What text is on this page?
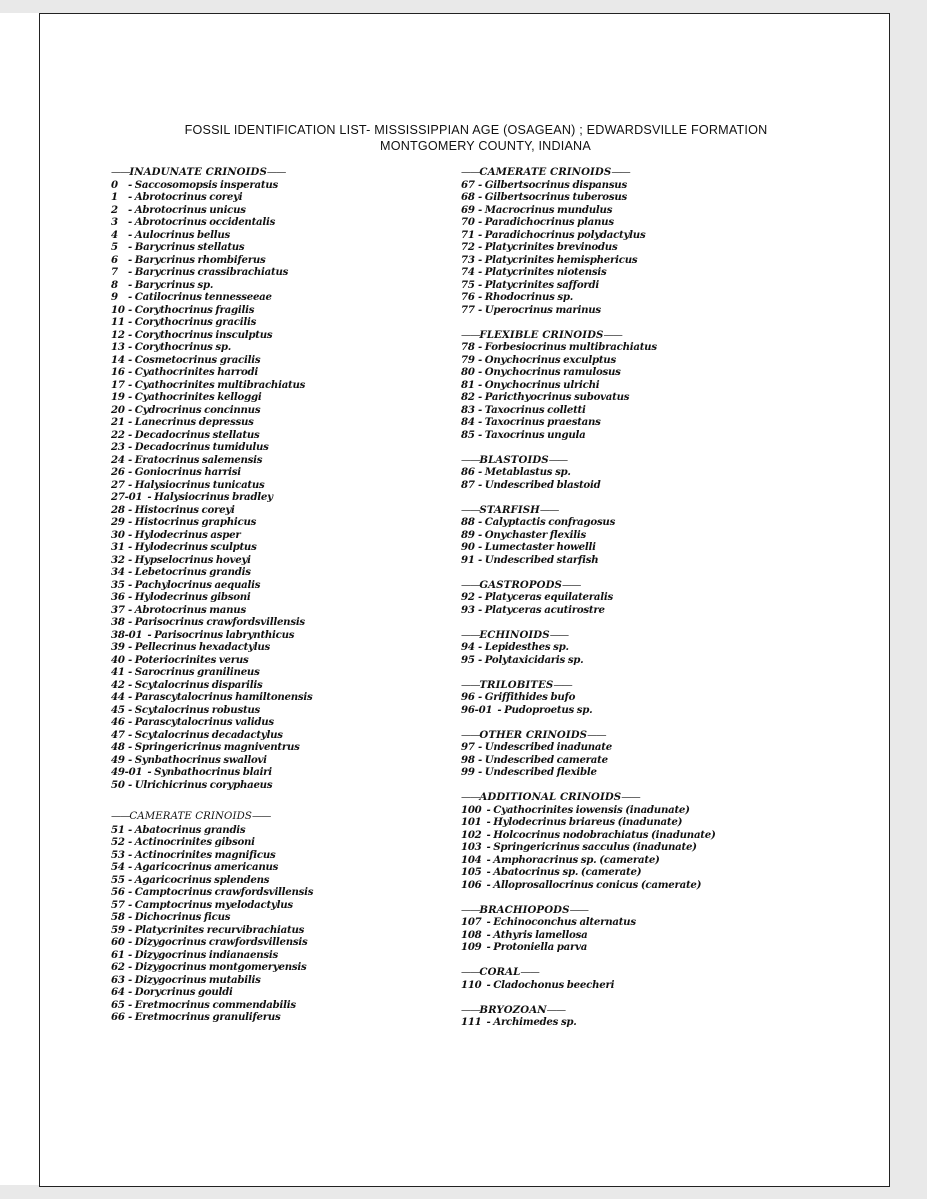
FOSSIL IDENTIFICATION LIST- MISSISSIPPIAN AGE (OSAGEAN) ; EDWARDSVILLE FORMATION
MONTGOMERY COUNTY, INDIANA
——INADUNATE CRINOIDS——
0 - Saccosomopsis insperatus
1 - Abrotocrinus coreyi
2 - Abrotocrinus unicus
3 - Abrotocrinus occidentalis
4 - Aulocrinus bellus
5 - Barycrinus stellatus
6 - Barycrinus rhombiferus
7 - Barycrinus crassibrachiatus
8 - Barycrinus sp.
9 - Catilocrinus tennesseeae
10 - Corythocrinus fragilis
11 - Corythocrinus gracilis
12 - Corythocrinus insculptus
13 - Corythocrinus sp.
14 - Cosmetocrinus gracilis
16 - Cyathocrinites harrodi
17 - Cyathocrinites multibrachiatus
19 - Cyathocrinites kelloggi
20 - Cydrocrinus concinnus
21 - Lanecrinus depressus
22 - Decadocrinus stellatus
23 - Decadocrinus tumidulus
24 - Eratocrinus salemensis
26 - Goniocrinus harrisi
27 - Halysiocrinus tunicatus
27-01 - Halysiocrinus bradley
28 - Histocrinus coreyi
29 - Histocrinus graphicus
30 - Hylodecrinus asper
31 - Hylodecrinus sculptus
32 - Hypselocrinus hoveyi
34 - Lebetocrinus grandis
35 - Pachylocrinus aequalis
36 - Hylodecrinus gibsoni
37 - Abrotocrinus manus
38 - Parisocrinus crawfordsvillensis
38-01 - Parisocrinus labrynthicus
39 - Pellecrinus hexadactylus
40 - Poteriocrinites verus
41 - Sarocrinus granilineus
42 - Scytalocrinus disparilis
44 - Parascytalocrinus hamiltonensis
45 - Scytalocrinus robustus
46 - Parascytalocrinus validus
47 - Scytalocrinus decadactylus
48 - Springericrinus magniventrus
49 - Synbathocrinus swallovi
49-01 - Synbathocrinus blairi
50 - Ulrichicrinus coryphaeus
——CAMERATE CRINOIDS——
51 - Abatocrinus grandis
52 - Actinocrinites gibsoni
53 - Actinocrinites magnificus
54 - Agaricocrinus americanus
55 - Agaricocrinus splendens
56 - Camptocrinus crawfordsvillensis
57 - Camptocrinus myelodactylus
58 - Dichocrinus ficus
59 - Platycrinites recurvibrachiatus
60 - Dizygocrinus crawfordsvillensis
61 - Dizygocrinus indianaensis
62 - Dizygocrinus montgomeryensis
63 - Dizygocrinus mutabilis
64 - Dorycrinus gouldi
65 - Eretmocrinus commendabilis
66 - Eretmocrinus granuliferus
——CAMERATE CRINOIDS——
67 - Gilbertsocrinus dispansus
68 - Gilbertsocrinus tuberosus
69 - Macrocrinus mundulus
70 - Paradichocrinus planus
71 - Paradichocrinus polydactylus
72 - Platycrinites brevinodus
73 - Platycrinites hemisphericus
74 - Platycrinites niotensis
75 - Platycrinites saffordi
76 - Rhodocrinus sp.
77 - Uperocrinus marinus
——FLEXIBLE CRINOIDS——
78 - Forbesiocrinus multibrachiatus
79 - Onychocrinus exculptus
80 - Onychocrinus ramulosus
81 - Onychocrinus ulrichi
82 - Paricthyocrinus subovatus
83 - Taxocrinus colletti
84 - Taxocrinus praestans
85 - Taxocrinus ungula
——BLASTOIDS——
86 - Metablastus sp.
87 - Undescribed blastoid
——STARFISH——
88 - Calyptactis confragosus
89 - Onychaster flexilis
90 - Lumectaster howelli
91 - Undescribed starfish
——GASTROPODS——
92 - Platyceras equilateralis
93 - Platyceras acutirostre
——ECHINOIDS——
94 - Lepidesthes sp.
95 - Polytaxicidaris sp.
——TRILOBITES——
96 - Griffithides bufo
96-01 - Pudoproetus sp.
——OTHER CRINOIDS——
97 - Undescribed inadunate
98 - Undescribed camerate
99 - Undescribed flexible
——ADDITIONAL CRINOIDS——
100 - Cyathocrinites iowensis (inadunate)
101 - Hylodecrinus briareus (inadunate)
102 - Holcocrinus nodobrachiatus (inadunate)
103 - Springericrinus sacculus (inadunate)
104 - Amphoracrinus sp. (camerate)
105 - Abatocrinus sp. (camerate)
106 - Alloprosallocrinus conicus (camerate)
——BRACHIOPODS——
107 - Echinoconchus alternatus
108 - Athyris lamellosa
109 - Protoniella parva
——CORAL——
110 - Cladochonus beecheri
——BRYOZOAN——
111 - Archimedes sp.
